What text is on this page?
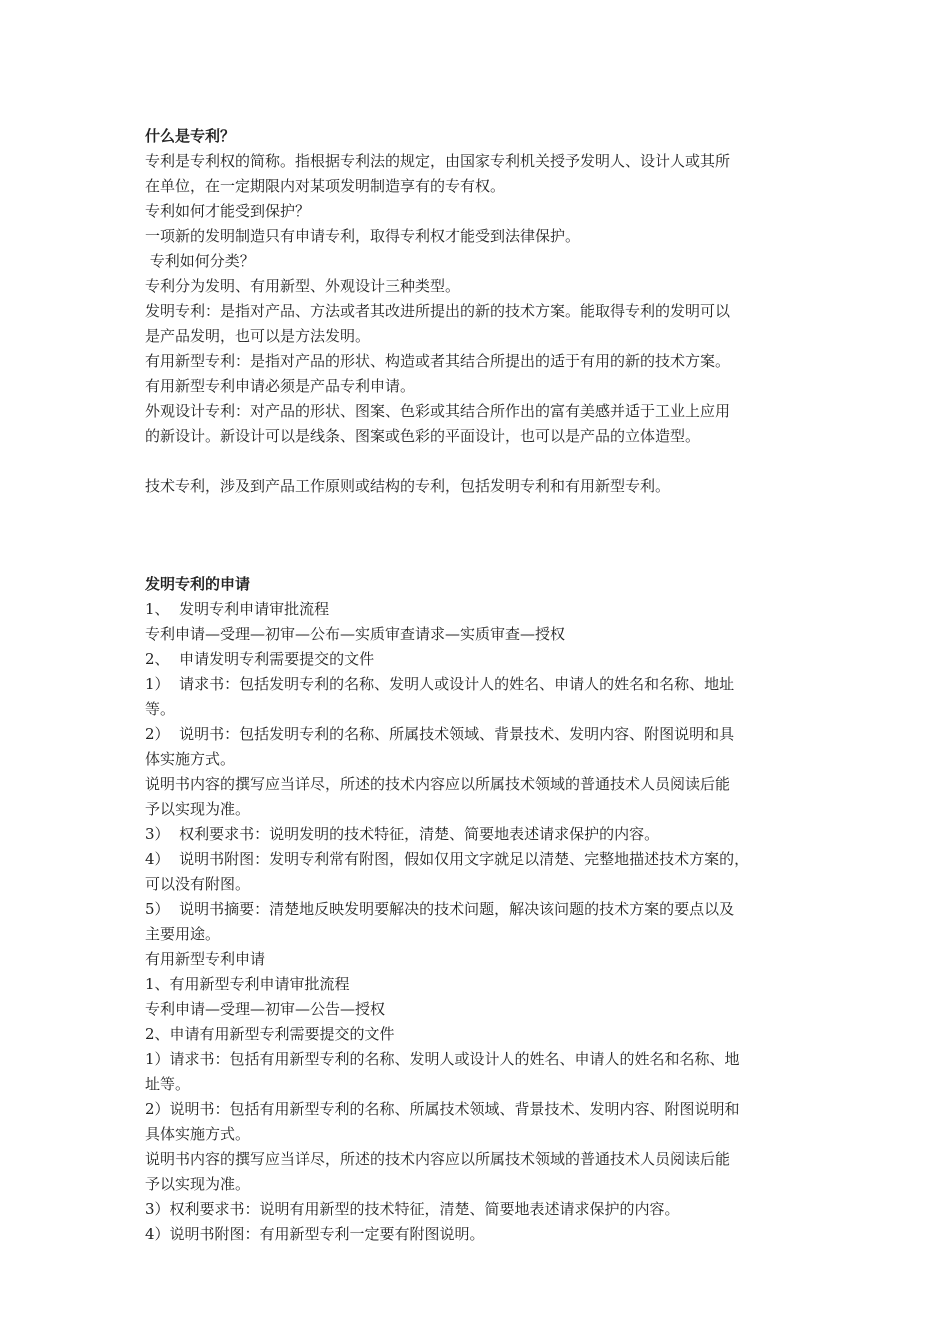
什么是专利？
专利是专利权的简称。指根据专利法的规定，由国家专利机关授予发明人、设计人或其所
在单位，在一定期限内对某项发明制造享有的专有权。
专利如何才能受到保护？
一项新的发明制造只有申请专利，取得专利权才能受到法律保护。
专利如何分类？
专利分为发明、有用新型、外观设计三种类型。
发明专利：是指对产品、方法或者其改进所提出的新的技术方案。能取得专利的发明可以
是产品发明，也可以是方法发明。
有用新型专利：是指对产品的形状、构造或者其结合所提出的适于有用的新的技术方案。
有用新型专利申请必须是产品专利申请。
外观设计专利：对产品的形状、图案、色彩或其结合所作出的富有美感并适于工业上应用
的新设计。新设计可以是线条、图案或色彩的平面设计，也可以是产品的立体造型。
技术专利，涉及到产品工作原则或结构的专利，包括发明专利和有用新型专利。
发明专利的申请
1、  发明专利申请审批流程
专利申请—受理—初审—公布—实质审查请求—实质审查—授权
2、  申请发明专利需要提交的文件
1）  请求书：包括发明专利的名称、发明人或设计人的姓名、申请人的姓名和名称、地址
等。
2）  说明书：包括发明专利的名称、所属技术领域、背景技术、发明内容、附图说明和具
体实施方式。
说明书内容的撰写应当详尽，所述的技术内容应以所属技术领域的普通技术人员阅读后能
予以实现为准。
3）  权利要求书：说明发明的技术特征，清楚、简要地表述请求保护的内容。
4）  说明书附图：发明专利常有附图，假如仅用文字就足以清楚、完整地描述技术方案的，
可以没有附图。
5）  说明书摘要：清楚地反映发明要解决的技术问题，解决该问题的技术方案的要点以及
主要用途。
有用新型专利申请
1、有用新型专利申请审批流程
专利申请—受理—初审—公告—授权
2、申请有用新型专利需要提交的文件
1）请求书：包括有用新型专利的名称、发明人或设计人的姓名、申请人的姓名和名称、地
址等。
2）说明书：包括有用新型专利的名称、所属技术领域、背景技术、发明内容、附图说明和
具体实施方式。
说明书内容的撰写应当详尽，所述的技术内容应以所属技术领域的普通技术人员阅读后能
予以实现为准。
3）权利要求书：说明有用新型的技术特征，清楚、简要地表述请求保护的内容。
4）说明书附图：有用新型专利一定要有附图说明。
